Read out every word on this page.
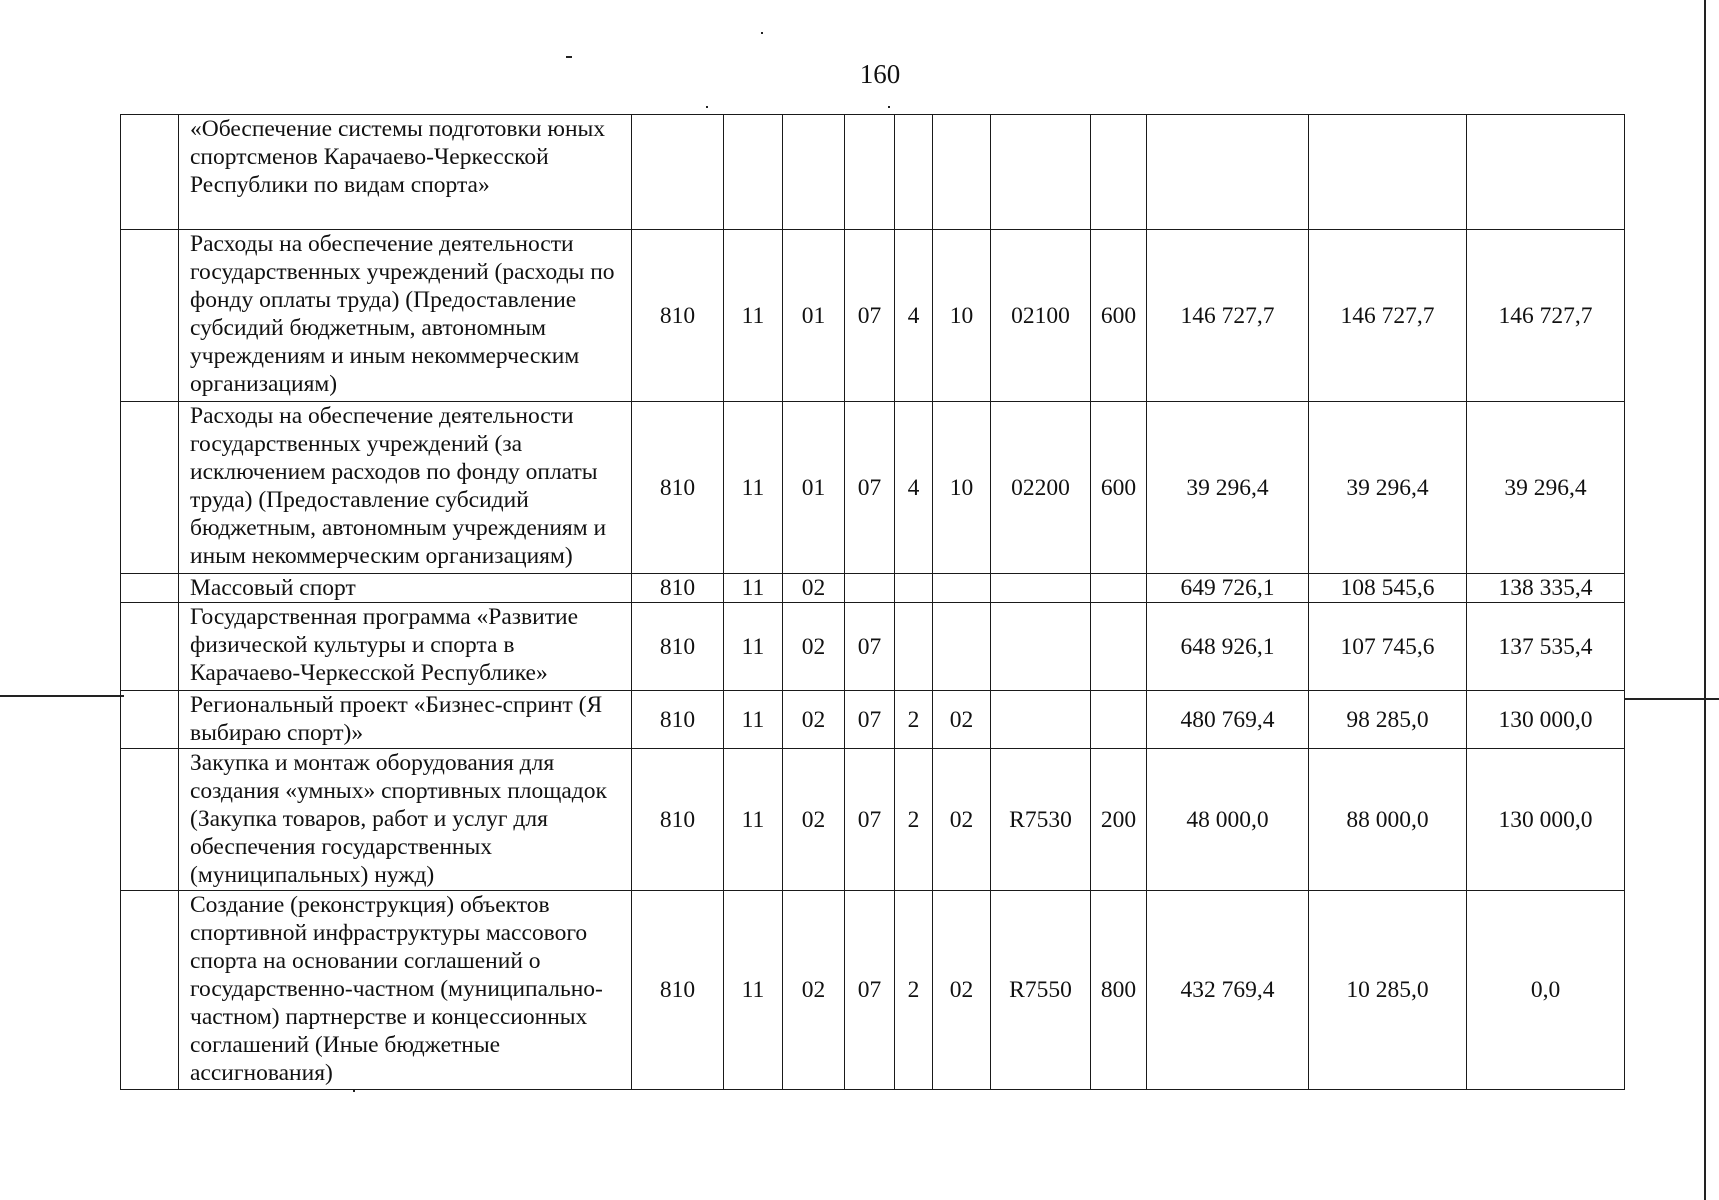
160
	«Обеспечение системы подготовки юных спортсменов Карачаево-Черкесской Республики по видам спорта»											
	Расходы на обеспечение деятельности государственных учреждений (расходы по фонду оплаты труда) (Предоставление субсидий бюджетным, автономным учреждениям и иным некоммерческим организациям)	810	11	01	07	4	10	02100	600	146 727,7	146 727,7	146 727,7
	Расходы на обеспечение деятельности государственных учреждений (за исключением расходов по фонду оплаты труда) (Предоставление субсидий бюджетным, автономным учреждениям и иным некоммерческим организациям)	810	11	01	07	4	10	02200	600	39 296,4	39 296,4	39 296,4
	Массовый спорт	810	11	02						649 726,1	108 545,6	138 335,4
	Государственная программа «Развитие физической культуры и спорта в Карачаево-Черкесской Республике»	810	11	02	07					648 926,1	107 745,6	137 535,4
	Региональный проект «Бизнес-спринт (Я выбираю спорт)»	810	11	02	07	2	02			480 769,4	98 285,0	130 000,0
	Закупка и монтаж оборудования для создания «умных» спортивных площадок (Закупка товаров, работ и услуг для обеспечения государственных (муниципальных) нужд)	810	11	02	07	2	02	R7530	200	48 000,0	88 000,0	130 000,0
	Создание (реконструкция) объектов спортивной инфраструктуры массового спорта на основании соглашений о государственно-частном (муниципально-частном) партнерстве и концессионных соглашений (Иные бюджетные ассигнования)	810	11	02	07	2	02	R7550	800	432 769,4	10 285,0	0,0
